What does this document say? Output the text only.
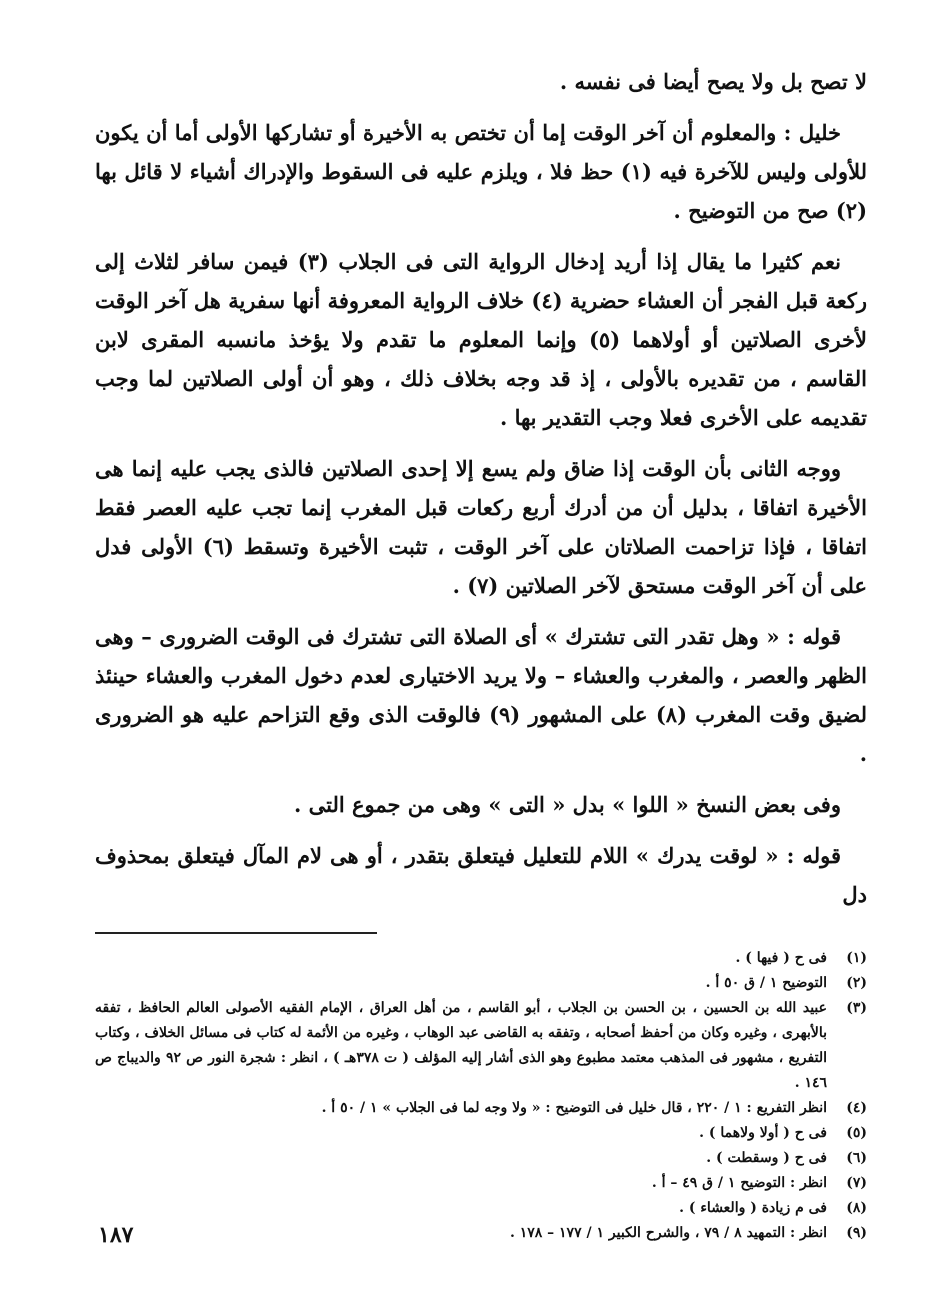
لا تصح بل ولا يصح أيضا فى نفسه .

خليل : والمعلوم أن آخر الوقت إما أن تختص به الأخيرة أو تشاركها الأولى أما أن يكون للأولى وليس للآخرة فيه (١) حظ فلا ، ويلزم عليه فى السقوط والإدراك أشياء لا قائل بها (٢) صح من التوضيح .

نعم كثيرا ما يقال إذا أريد إدخال الرواية التى فى الجلاب (٣) فيمن سافر لثلاث إلى ركعة قبل الفجر أن العشاء حضرية (٤) خلاف الرواية المعروفة أنها سفرية هل آخر الوقت لأخرى الصلاتين أو أولاهما (٥) وإنما المعلوم ما تقدم ولا يؤخذ مانسبه المقرى لابن القاسم ، من تقديره بالأولى ، إذ قد وجه بخلاف ذلك ، وهو أن أولى الصلاتين لما وجب تقديمه على الأخرى فعلا وجب التقدير بها .

ووجه الثانى بأن الوقت إذا ضاق ولم يسع إلا إحدى الصلاتين فالذى يجب عليه إنما هى الأخيرة اتفاقا ، بدليل أن من أدرك أربع ركعات قبل المغرب إنما تجب عليه العصر فقط اتفاقا ، فإذا تزاحمت الصلاتان على آخر الوقت ، تثبت الأخيرة وتسقط (٦) الأولى فدل على أن آخر الوقت مستحق لآخر الصلاتين (٧) .

قوله : « وهل تقدر التى تشترك » أى الصلاة التى تشترك فى الوقت الضرورى – وهى الظهر والعصر ، والمغرب والعشاء – ولا يريد الاختيارى لعدم دخول المغرب والعشاء حينئذ لضيق وقت المغرب (٨) على المشهور (٩) فالوقت الذى وقع التزاحم عليه هو الضرورى .

وفى بعض النسخ « اللوا » بدل « التى » وهى من جموع التى .

قوله : « لوقت يدرك » اللام للتعليل فيتعلق بتقدر ، أو هى لام المآل فيتعلق بمحذوف دل

(١)
فى ح ( فيها ) .
(٢)
التوضيح ١ / ق ٥٠ أ .
(٣)
عبيد الله بن الحسين ، بن الحسن بن الجلاب ، أبو القاسم ، من أهل العراق ، الإمام الفقيه الأصولى العالم الحافظ ، تفقه بالأبهرى ، وغيره وكان من أحفظ أصحابه ، وتفقه به القاضى عبد الوهاب ، وغيره من الأئمة له كتاب فى مسائل الخلاف ، وكتاب التفريع ، مشهور فى المذهب معتمد مطبوع وهو الذى أشار إليه المؤلف ( ت ٣٧٨هـ ) ، انظر : شجرة النور ص ٩٢ والديباج ص ١٤٦ .
(٤)
انظر التفريع : ١ / ٢٢٠ ، قال خليل فى التوضيح : « ولا وجه لما فى الجلاب » ١ / ٥٠ أ .
(٥)
فى ح ( أولا ولاهما ) .
(٦)
فى ح ( وسقطت ) .
(٧)
انظر : التوضيح ١ / ق ٤٩ – أ .
(٨)
فى م زيادة ( والعشاء ) .
(٩)
انظر : التمهيد ٨ / ٧٩ ، والشرح الكبير ١ / ١٧٧ – ١٧٨ .
١٨٧
